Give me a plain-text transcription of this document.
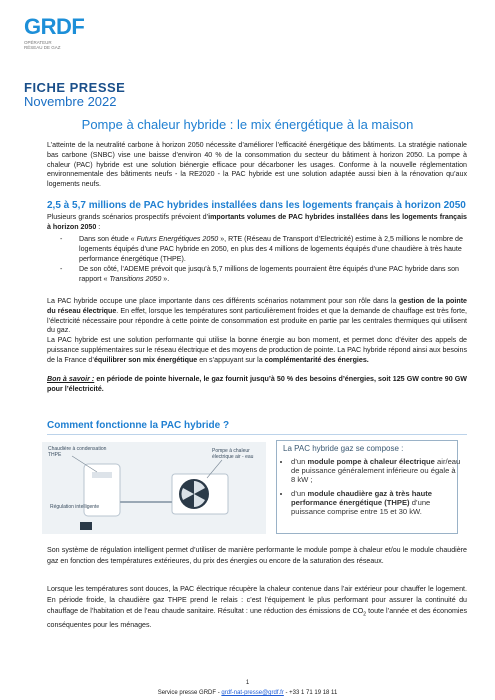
GRDF
OPÉRATEUR
RÉSEAU DE GAZ
FICHE PRESSE
Novembre 2022
Pompe à chaleur hybride : le mix énergétique à la maison

L’atteinte de la neutralité carbone à horizon 2050 nécessite d’améliorer l’efficacité énergétique des bâtiments. La stratégie nationale bas carbone (SNBC) vise une baisse d’environ 40 % de la consommation du secteur du bâtiment à horizon 2050. La pompe à chaleur (PAC) hybride est une solution biénergie efficace pour décarboner les usages. Conforme à la nouvelle réglementation environnementale des bâtiments neufs - la RE2020 - la PAC hybride est une solution adaptée aussi bien à la rénovation qu’aux logements neufs.

2,5 à 5,7 millions de PAC hybrides installées dans les logements français à horizon 2050

Plusieurs grands scénarios prospectifs prévoient d’importants volumes de PAC hybrides installées dans les logements français à horizon 2050 :

-	Dans son étude « Futurs Energétiques 2050 », RTE (Réseau de Transport d’Electricité) estime à 2,5 millions le nombre de logements équipés d’une PAC hybride en 2050, en plus des 4 millions de logements équipés d’une chaudière à très haute performance énergétique (THPE).
-	De son côté, l’ADEME prévoit que jusqu’à 5,7 millions de logements pourraient être équipés d’une PAC hybride dans son rapport « Transitions 2050 ».

La PAC hybride occupe une place importante dans ces différents scénarios notamment pour son rôle dans la gestion de la pointe du réseau électrique. En effet, lorsque les températures sont particulièrement froides et que la demande de chauffage est très forte, l’électricité nécessaire pour répondre à cette pointe de consommation est produite en partie par les centrales thermiques qui utilisent du gaz.

La PAC hybride est une solution performante qui utilise la bonne énergie au bon moment, et permet donc d’éviter des appels de puissance supplémentaires sur le réseau électrique et des moyens de production de pointe. La PAC hybride répond ainsi aux besoins de la France d’équilibrer son mix énergétique en s’appuyant sur la complémentarité des énergies.

Bon à savoir : en période de pointe hivernale, le gaz fournit jusqu’à 50 % des besoins d’énergies, soit 125 GW contre 90 GW pour l’électricité.

Comment fonctionne la PAC hybride ?
Chaudière à condensation THPE
Pompe à chaleur électrique air - eau
Régulation intelligente
La PAC hybride gaz se compose :
• d’un module pompe à chaleur électrique air/eau de puissance généralement inférieure ou égale à 8 kW ;
• d’un module chaudière gaz à très haute performance énergétique (THPE) d’une puissance comprise entre 15 et 30 kW.

Son système de régulation intelligent permet d’utiliser de manière performante le module pompe à chaleur et/ou le module chaudière gaz en fonction des températures extérieures, du prix des énergies ou encore de la saturation des réseaux.

Lorsque les températures sont douces, la PAC électrique récupère la chaleur contenue dans l’air extérieur pour chauffer le logement. En période froide, la chaudière gaz THPE prend le relais : c’est l’équipement le plus performant pour assurer la continuité du chauffage de l’habitation et de l’eau chaude sanitaire. Résultat : une réduction des émissions de $CO_2$ toute l’année et des économies conséquentes pour les ménages.

1
Service presse GRDF - grdf-nat-presse@grdf.fr - +33 1 71 19 18 11
